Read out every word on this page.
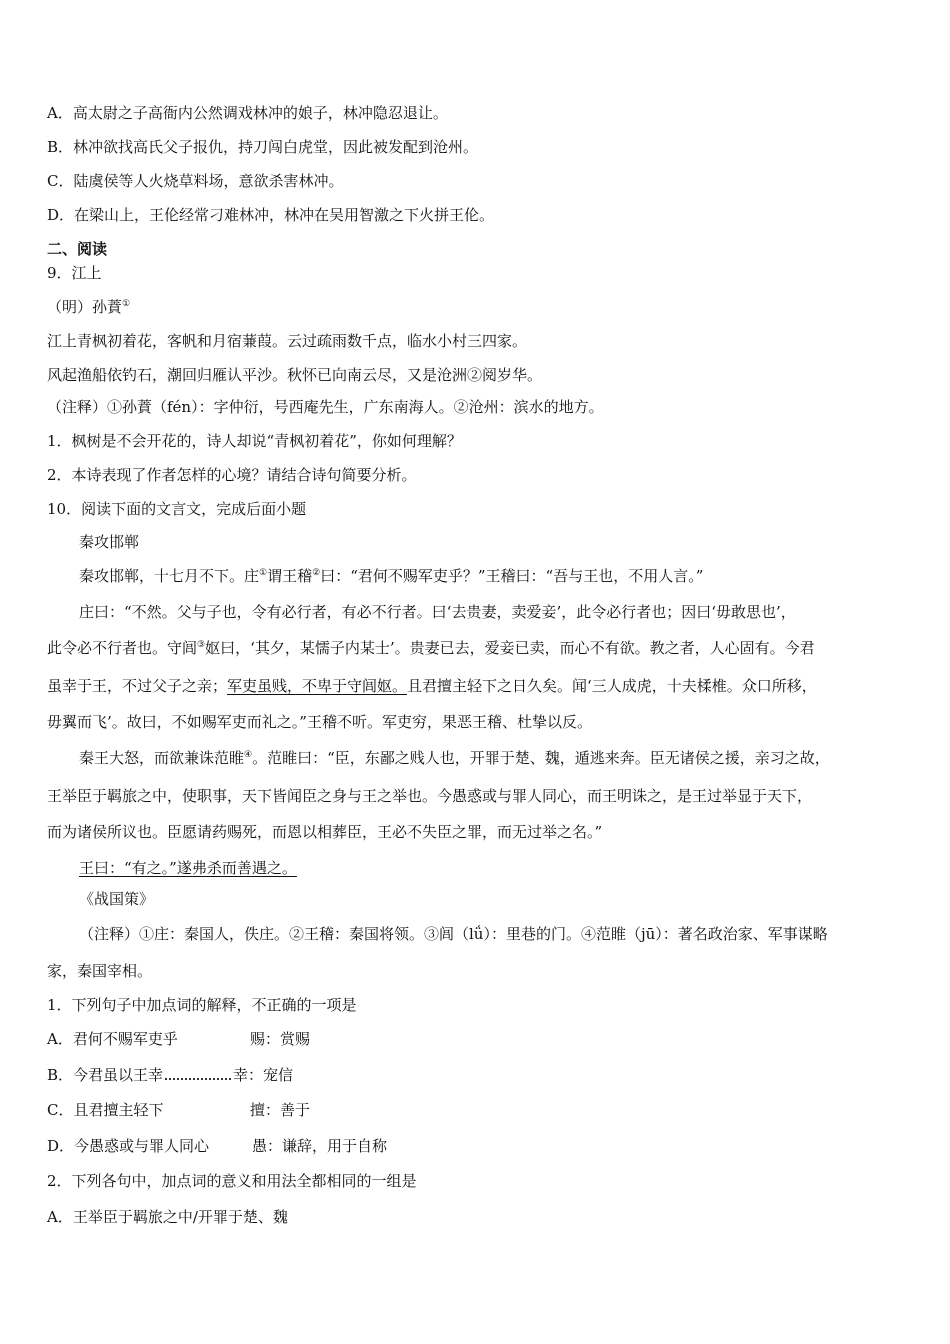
A．高太尉之子高衙内公然调戏林冲的娘子，林冲隐忍退让。
B．林冲欲找高氏父子报仇，持刀闯白虎堂，因此被发配到沧州。
C．陆虞侯等人火烧草料场，意欲杀害林冲。
D．在梁山上，王伦经常刁难林冲，林冲在吴用智激之下火拼王伦。
二、阅读
9．江上
（明）孙蕡①
江上青枫初着花，客帆和月宿蒹葭。云过疏雨数千点，临水小村三四家。
风起渔船依钓石，潮回归雁认平沙。秋怀已向南云尽，又是沧洲②阅岁华。
（注释）①孙蕡（fén）：字仲衍，号西庵先生，广东南海人。②沧州：滨水的地方。
1．枫树是不会开花的，诗人却说“青枫初着花”，你如何理解？
2．本诗表现了作者怎样的心境？请结合诗句简要分析。
10．阅读下面的文言文，完成后面小题
秦攻邯郸
秦攻邯郸，十七月不下。庄①谓王稽②曰：“君何不赐军吏乎？”王稽曰：“吾与王也，不用人言。”
庄曰：“不然。父与子也，令有必行者，有必不行者。曰‘去贵妻，卖爱妾’，此令必行者也；因曰‘毋敢思也’，
此令必不行者也。守闾③妪曰，‘其夕，某懦子内某士’。贵妻已去，爱妾已卖，而心不有欲。教之者，人心固有。今君
虽幸于王，不过父子之亲；军吏虽贱，不卑于守闾妪。且君擅主轻下之日久矣。闻‘三人成虎，十夫楺椎。众口所移，
毋翼而飞’。故曰，不如赐军吏而礼之。”王稽不听。军吏穷，果恶王稽、杜挚以反。
秦王大怒，而欲兼诛范睢④。范睢曰：“臣，东鄙之贱人也，开罪于楚、魏，遁逃来奔。臣无诸侯之援，亲习之故，
王举臣于羁旅之中，使职事，天下皆闻臣之身与王之举也。今愚惑或与罪人同心，而王明诛之，是王过举显于天下，
而为诸侯所议也。臣愿请药赐死，而恩以相葬臣，王必不失臣之罪，而无过举之名。”
王曰：“有之。”遂弗杀而善遇之。
《战国策》
（注释）①庄：秦国人，佚庄。②王稽：秦国将领。③闾（lǘ）：里巷的门。④范睢（jū）：著名政治家、军事谋略
家，秦国宰相。
1．下列句子中加点词的解释，不正确的一项是
A．君何不赐军吏乎	赐：赏赐
B．今君虽以王幸	幸：宠信
C．且君擅主轻下	擅：善于
D．今愚惑或与罪人同心	愚：谦辞，用于自称
2．下列各句中，加点词的意义和用法全都相同的一组是
A．王举臣于羁旅之中/开罪于楚、魏
